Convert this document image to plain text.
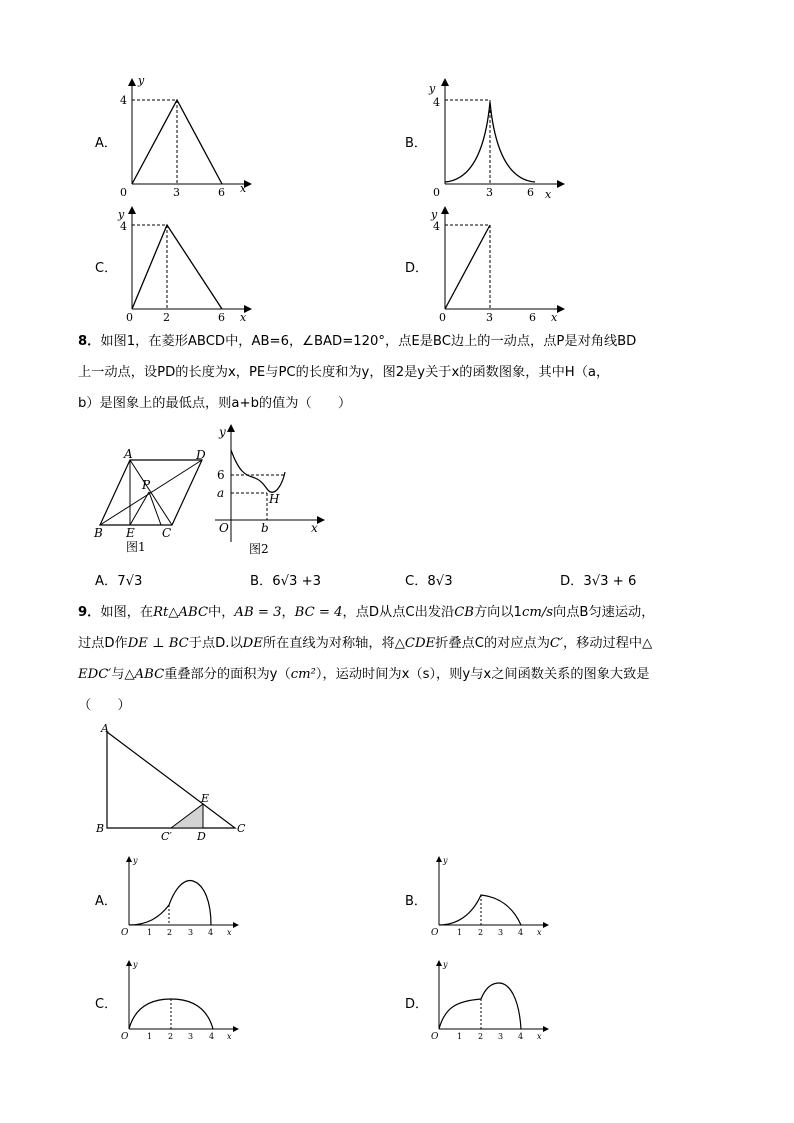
A．
y
4
0	3	6 x
B．
y
4
0	3	6 x
C．
y
4
0	2	6 x
D．
y
4
0	3	6 x
8．如图1，在菱形ABCD中，AB=6，∠BAD=120°，点E是BC边上的一动点，点P是对角线BD
上一动点，设PD的长度为x，PE与PC的长度和为y，图2是y关于x的函数图象，其中H（a，
b）是图象上的最低点，则a+b的值为（　　）
A	D
P
B E C
图1
y
6
a	H
O	b	x
图2
A．7√3	B．6√3 +3	C．8√3	D．3√3 + 6
9．如图，在Rt△ABC中，AB = 3，BC = 4，点D从点C出发沿CB方向以1cm/s向点B匀速运动，
过点D作DE ⊥ BC于点D.以DE所在直线为对称轴，将△CDE折叠点C的对应点为C′，移动过程中△
EDC′与△ABC重叠部分的面积为y（cm²），运动时间为x（s），则y与x之间函数关系的图象大致是
（　　）
A
E
B
C′ D
C
A．
y
O 1 2 3 4 x
B．
y
O 1 2 3 4 x
C．
y
O 1 2 3 4 x
D．
y
O 1 2 3 4 x
